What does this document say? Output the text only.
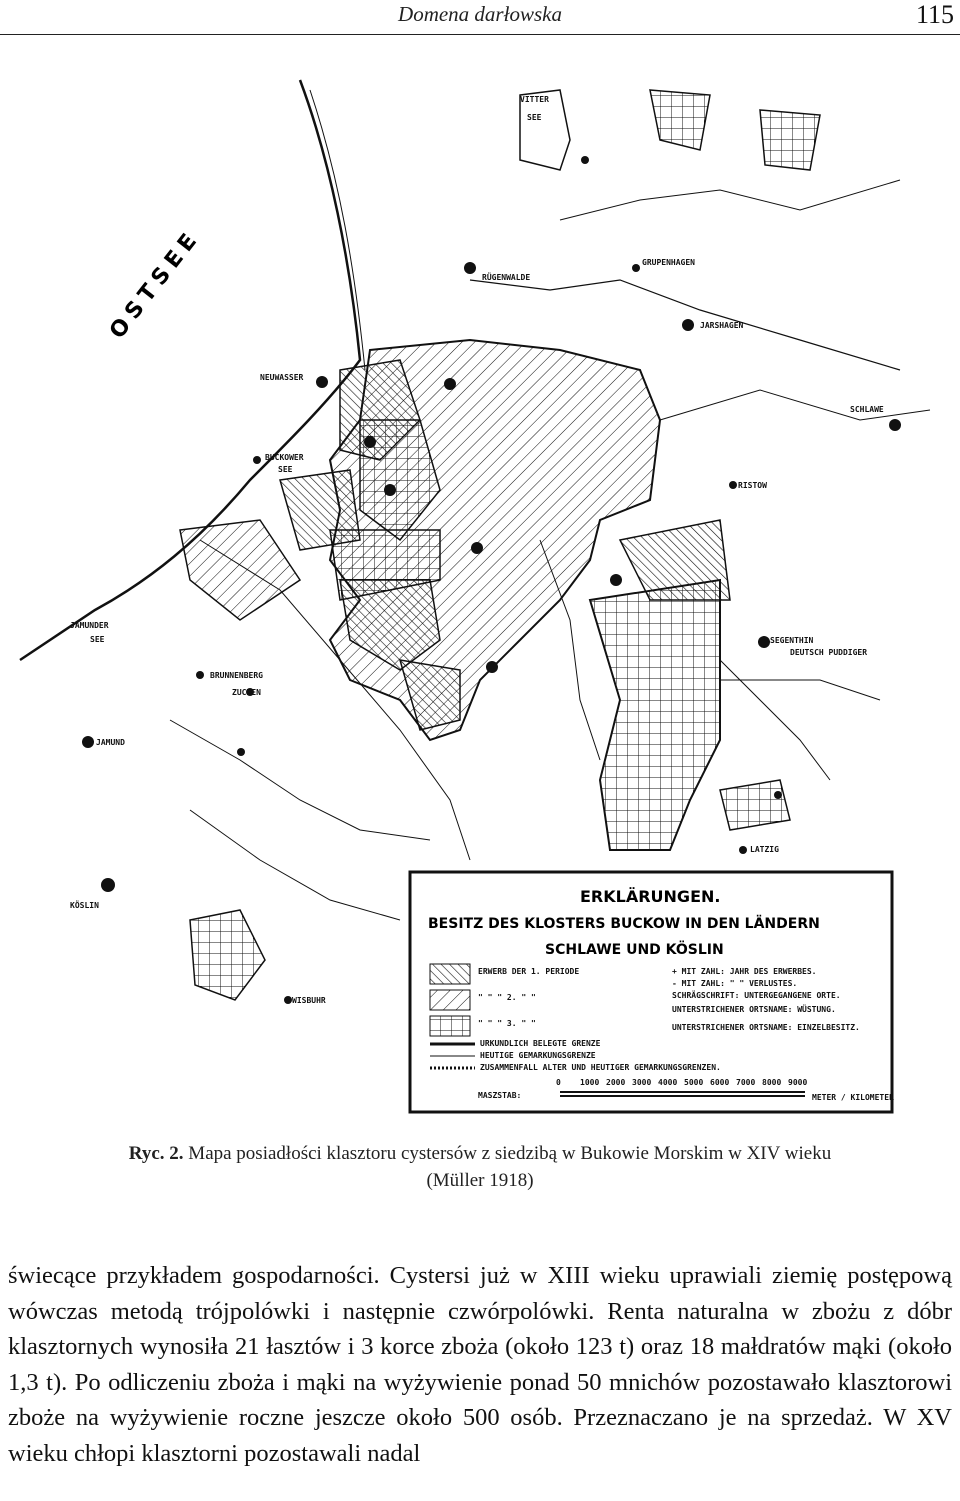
Domena darłowska	115
OSTSEE
VITTER
SEE
RÜGENWALDE
GRUPENHAGEN
JARSHAGEN
NEUWASSER
BUCKOWER
SEE
SCHLAWE
RISTOW
SEGENTHIN
DEUTSCH PUDDIGER
JAMUND
JAMUNDER
SEE
KÖSLIN
WISBUHR
LATZIG
BRUNNENBERG
ZUCHEN
ERKLÄRUNGEN.
BESITZ DES KLOSTERS BUCKOW IN DEN LÄNDERN
SCHLAWE UND KÖSLIN
ERWERB DER 1. PERIODE
" " " 2. " "
" " " 3. " "
URKUNDLICH BELEGTE GRENZE
HEUTIGE GEMARKUNGSGRENZE
ZUSAMMENFALL ALTER UND HEUTIGER GEMARKUNGSGRENZEN.
+ MIT ZAHL: JAHR DES ERWERBES.
- MIT ZAHL: " " VERLUSTES.
SCHRÄGSCHRIFT: UNTERGEGANGENE ORTE.
UNTERSTRICHENER ORTSNAME: WÜSTUNG.
UNTERSTRICHENER ORTSNAME: EINZELBESITZ.
MASZSTAB:
0 1000 2000 3000 4000 5000 6000 7000 8000 9000
METER / KILOMETER
Ryc. 2. Mapa posiadłości klasztoru cystersów z siedzibą w Bukowie Morskim w XIV wieku
(Müller 1918)

świecące przykładem gospodarności. Cystersi już w XIII wieku uprawiali ziemię postępową wówczas metodą trójpolówki i następnie czwórpolówki. Renta naturalna w zbożu z dóbr klasztornych wynosiła 21 łasztów i 3 korce zboża (około 123 t) oraz 18 małdratów mąki (około 1,3 t). Po odliczeniu zboża i mąki na wyżywienie ponad 50 mnichów pozostawało klasztorowi zboże na wyżywienie roczne jeszcze około 500 osób. Przeznaczano je na sprzedaż. W XV wieku chłopi klasztorni pozostawali nadal
